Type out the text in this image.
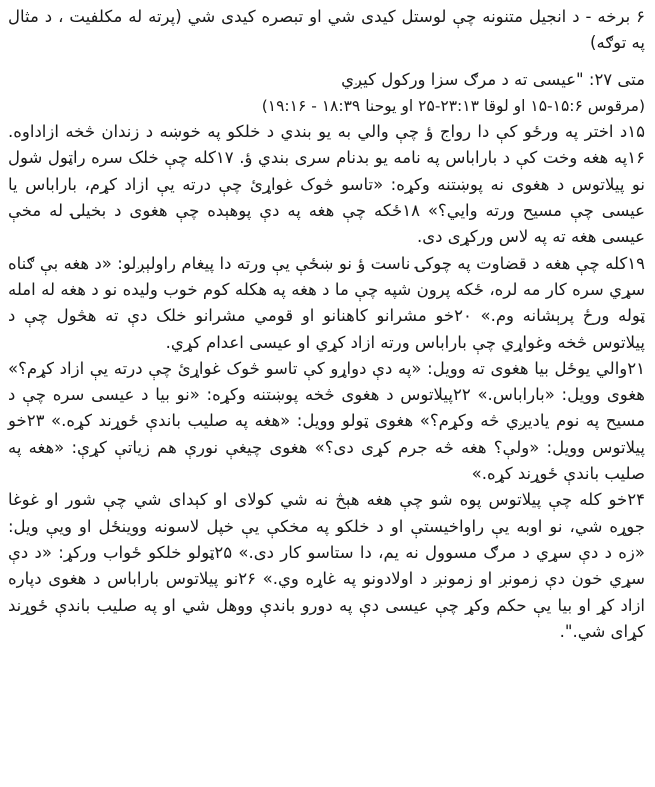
۶ برخه - د انجیل متنونه چې لوستل کيدی شي او تبصره کيدی شي (پرته له مکلفیت ، د مثال په توګه)

متی ۲۷: "عیسی ته د مرګ سزا ورکول کیږي

(مرقوس ۱۵:۶-۱۵ او لوقا ۲۳:۱۳-۲۵ او یوحنا ۱۸:۳۹ - ۱۹:۱۶)

۱۵د اختر په ورځو کې دا رواج ؤ چې والي به یو بندي د خلکو په خوښه د زندان څخه ازاداوه. ۱۶په هغه وخت کې د باراباس په نامه یو بدنام سری بندي ؤ. ۱۷کله چې خلک سره راټول شول نو پیلاتوس د هغوی نه پوښتنه وکړه: «تاسو څوک غواړئ چې درته یې ازاد کړم، باراباس یا عیسی چې مسیح ورته وايي؟» ۱۸ځکه چې هغه په دې پوهېده چې هغوی د بخیلۍ له مخې عیسی هغه ته په لاس ورکړی دی.

۱۹کله چې هغه د قضاوت په چوکۍ ناست ؤ نو ښځې یې ورته دا پیغام راولېږلو: «د هغه بې ګناه سړي سره کار مه لره، ځکه پرون شپه چې ما د هغه په هکله کوم خوب ولیده نو د هغه له امله ټوله ورځ پرېشانه وم.» ۲۰خو مشرانو کاهنانو او قومي مشرانو خلک دې ته هڅول چې د پیلاتوس څخه وغواړي چې باراباس ورته ازاد کړي او عیسی اعدام کړي.

۲۱والي یوځل بیا هغوی ته وویل: «په دې دواړو کې تاسو څوک غواړئ چې درته یې ازاد کړم؟» هغوی وویل: «باراباس.» ۲۲پیلاتوس د هغوی څخه پوښتنه وکړه: «نو بیا د عیسی سره چې د مسیح په نوم یادیږي څه وکړم؟» هغوی ټولو وویل: «هغه په صلیب باندې ځوړند کړه.» ۲۳خو پیلاتوس وویل: «ولې؟ هغه څه جرم کړی دی؟» هغوی چیغې نورې هم زیاتې کړې: «هغه په صلیب باندې ځوړند کړه.»

۲۴خو کله چې پیلاتوس پوه شو چې هغه هېڅ نه شي کولای او کېدای شي چې شور او غوغا جوړه شي، نو اوبه یې راواخیستې او د خلکو په مخکې یې خپل لاسونه ووینځل او ویې ویل: «زه د دې سړي د مرګ مسوول نه یم، دا ستاسو کار دی.» ۲۵ټولو خلکو ځواب ورکړ: «د دې سړي خون دې زمونږ او زمونږ د اولادونو په غاړه وي.» ۲۶نو پیلاتوس باراباس د هغوی دپاره ازاد کړ او بیا یې حکم وکړ چې عیسی دې په دورو باندې ووهل شي او په صلیب باندې ځوړند کړای شي.".
